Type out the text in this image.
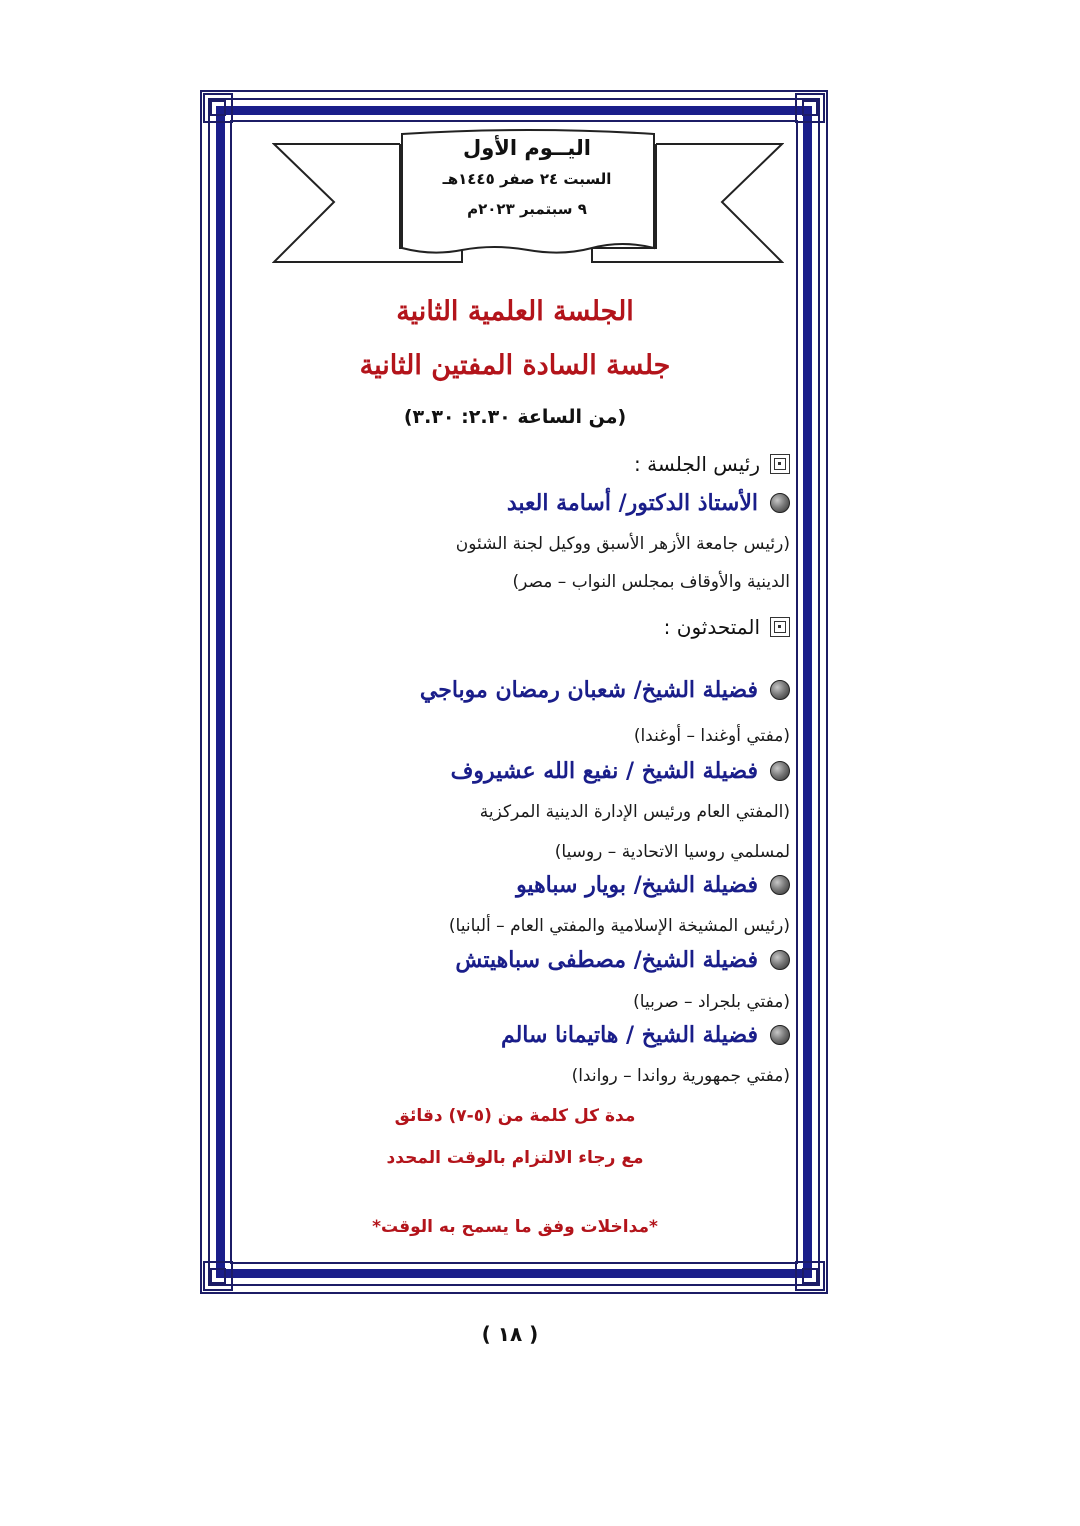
اليــوم الأول
السبت ٢٤ صفر ١٤٤٥هـ
٩ سبتمبر ٢٠٢٣م
الجلسة العلمية الثانية
جلسة السادة المفتين الثانية
(من الساعة ٢.٣٠: ٣.٣٠)
رئيس الجلسة :
الأستاذ الدكتور/ أسامة العبد
(رئيس جامعة الأزهر الأسبق ووكيل لجنة الشئون
الدينية والأوقاف بمجلس النواب – مصر)
المتحدثون :
فضيلة الشيخ/ شعبان رمضان موباجي
(مفتي أوغندا – أوغندا)
فضيلة الشيخ / نفيع الله عشيروف
(المفتي العام ورئيس الإدارة الدينية المركزية
لمسلمي روسيا الاتحادية – روسيا)
فضيلة الشيخ/ بويار سباهيو
(رئيس المشيخة الإسلامية والمفتي العام – ألبانيا)
فضيلة الشيخ/ مصطفى سباهيتش
(مفتي بلجراد – صربيا)
فضيلة الشيخ / هاتيمانا سالم
(مفتي جمهورية رواندا – رواندا)
مدة كل كلمة من (٥-٧) دقائق
مع رجاء الالتزام بالوقت المحدد
*مداخلات وفق ما يسمح به الوقت*
( ١٨ )
